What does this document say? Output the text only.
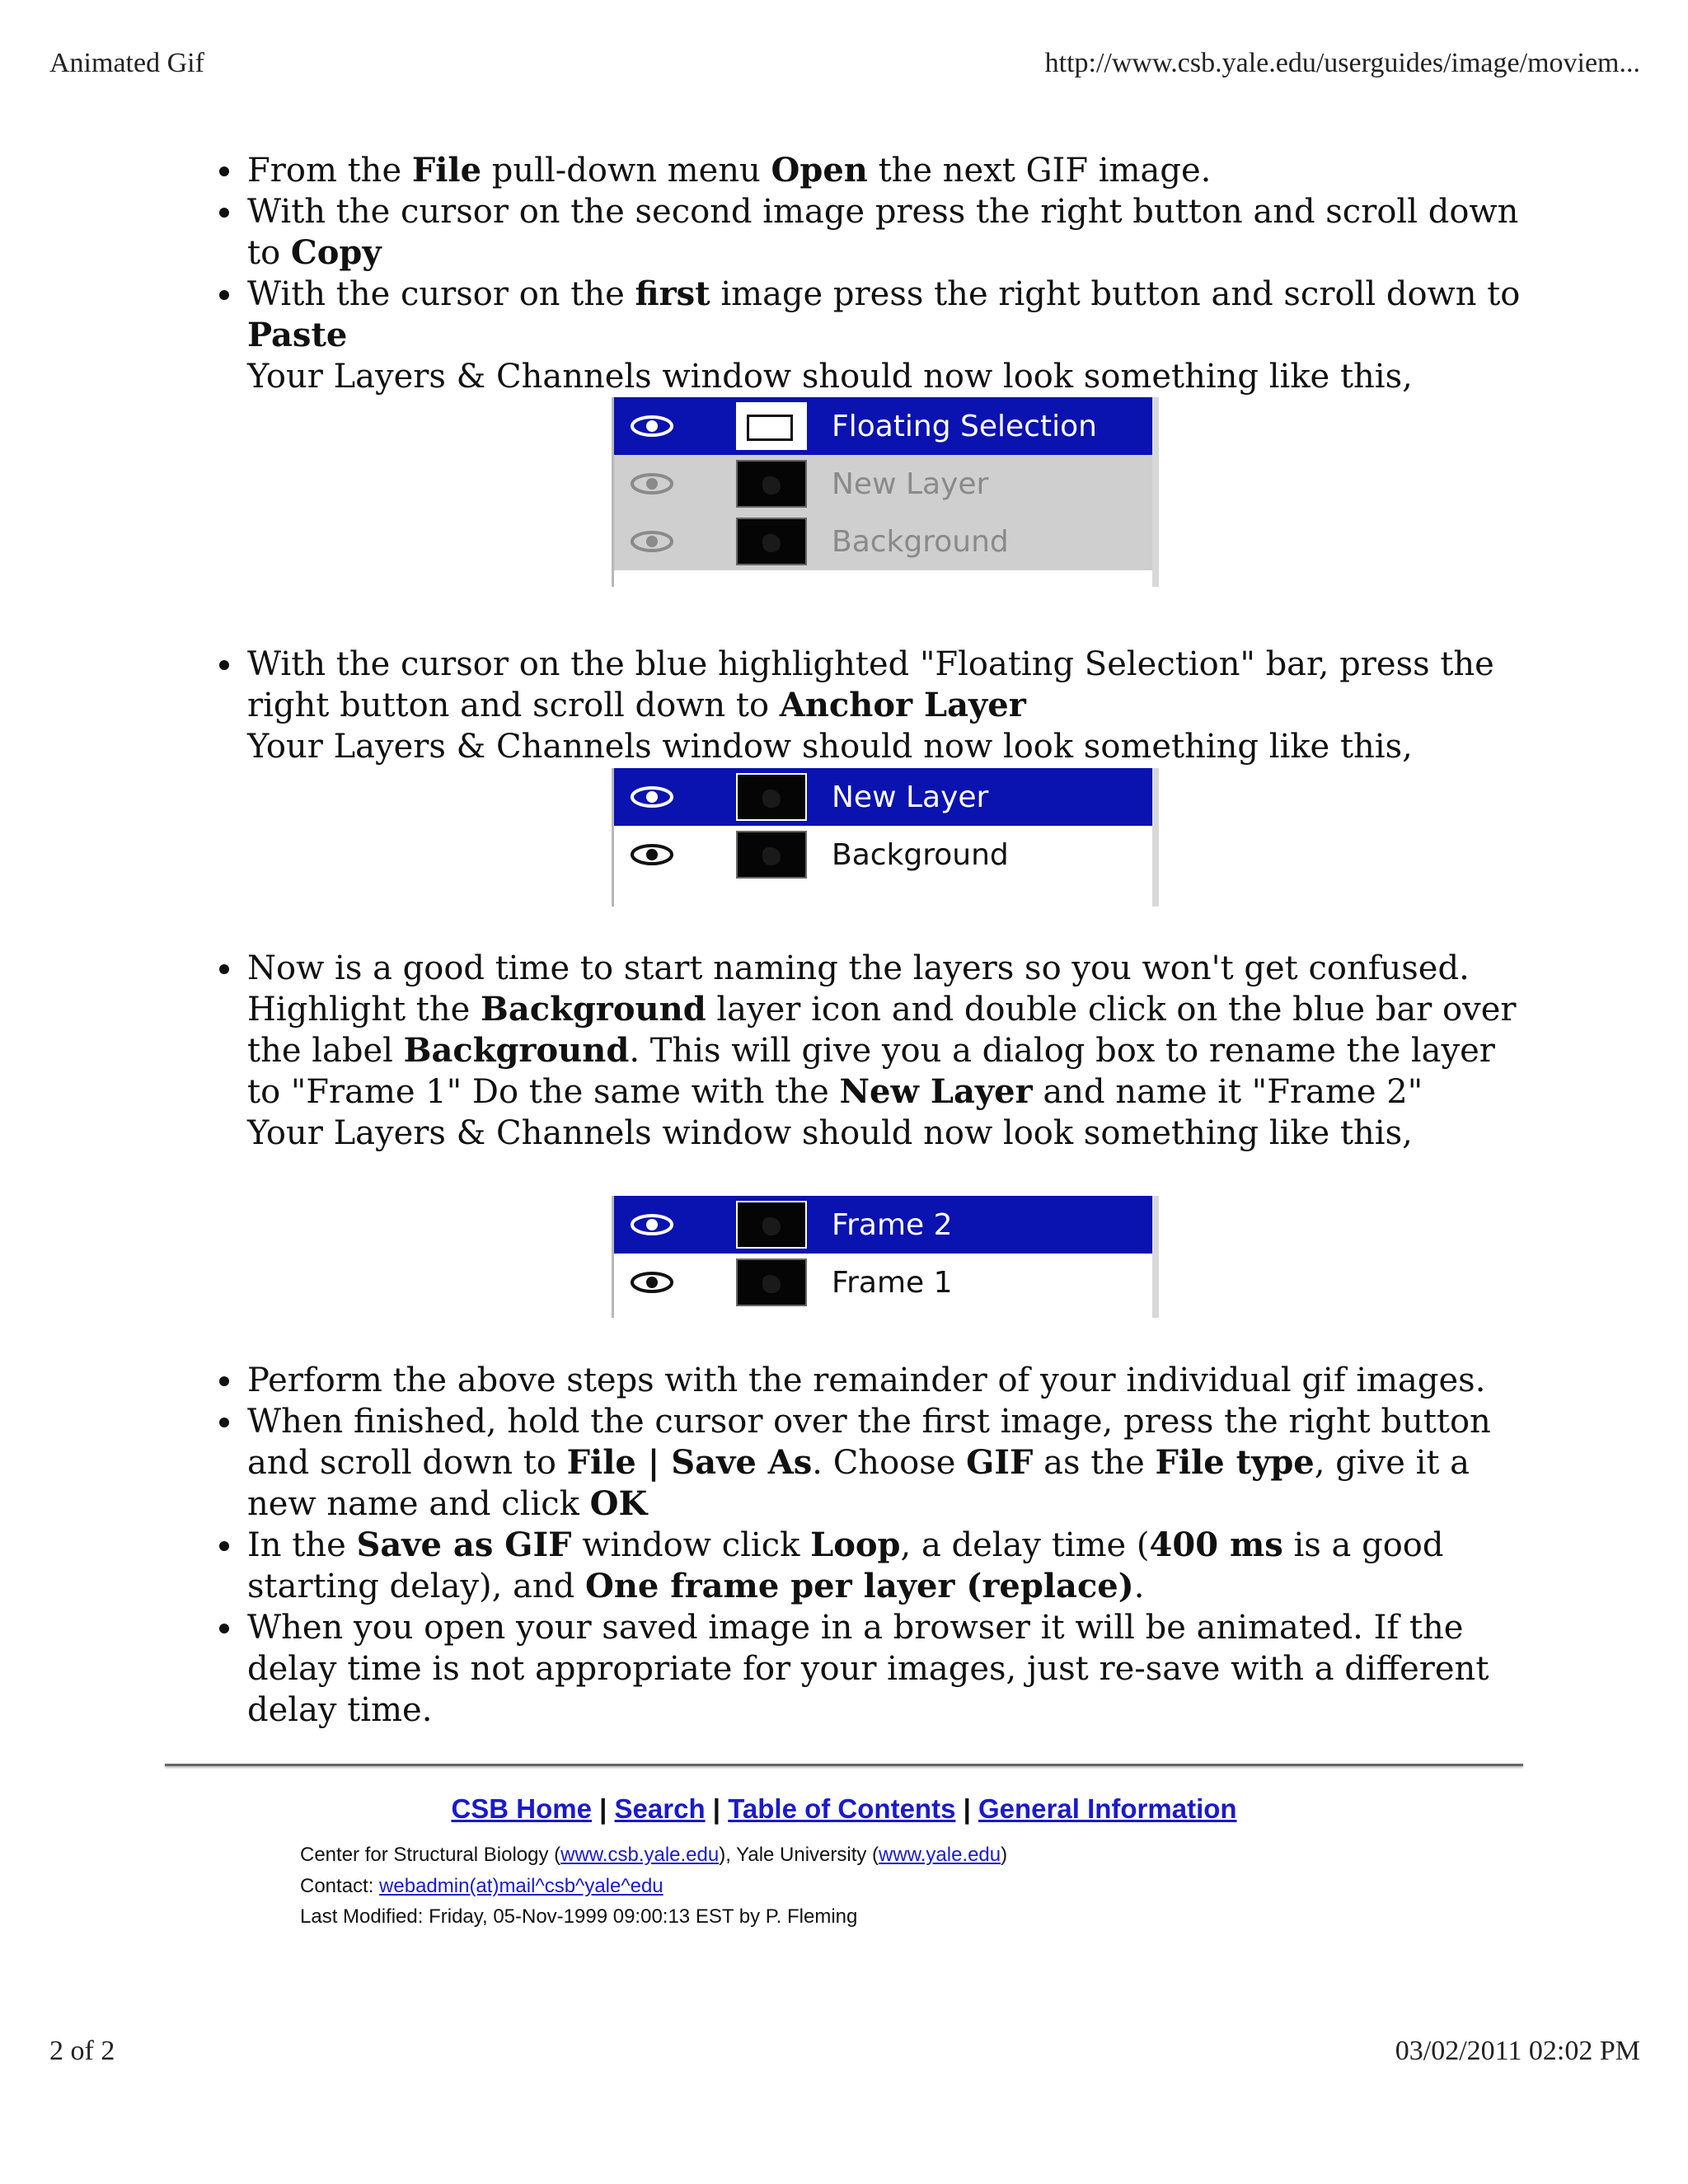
Animated Gif	http://www.csb.yale.edu/userguides/image/moviem...
From the File pull-down menu Open the next GIF image.
With the cursor on the second image press the right button and scroll down to Copy
With the cursor on the first image press the right button and scroll down to Paste
Your Layers & Channels window should now look something like this,
Floating Selection
New Layer
Background
With the cursor on the blue highlighted "Floating Selection" bar, press the right button and scroll down to Anchor Layer
Your Layers & Channels window should now look something like this,
New Layer
Background
Now is a good time to start naming the layers so you won't get confused. Highlight the Background layer icon and double click on the blue bar over the label Background. This will give you a dialog box to rename the layer to "Frame 1" Do the same with the New Layer and name it "Frame 2"
Your Layers & Channels window should now look something like this,
Frame 2
Frame 1
Perform the above steps with the remainder of your individual gif images.
When finished, hold the cursor over the first image, press the right button and scroll down to File | Save As. Choose GIF as the File type, give it a new name and click OK
In the Save as GIF window click Loop, a delay time (400 ms is a good starting delay), and One frame per layer (replace).
When you open your saved image in a browser it will be animated. If the delay time is not appropriate for your images, just re-save with a different delay time.
CSB Home | Search | Table of Contents | General Information
Center for Structural Biology (www.csb.yale.edu), Yale University (www.yale.edu)
Contact: webadmin(at)mail^csb^yale^edu
Last Modified: Friday, 05-Nov-1999 09:00:13 EST by P. Fleming
2 of 2	03/02/2011 02:02 PM
